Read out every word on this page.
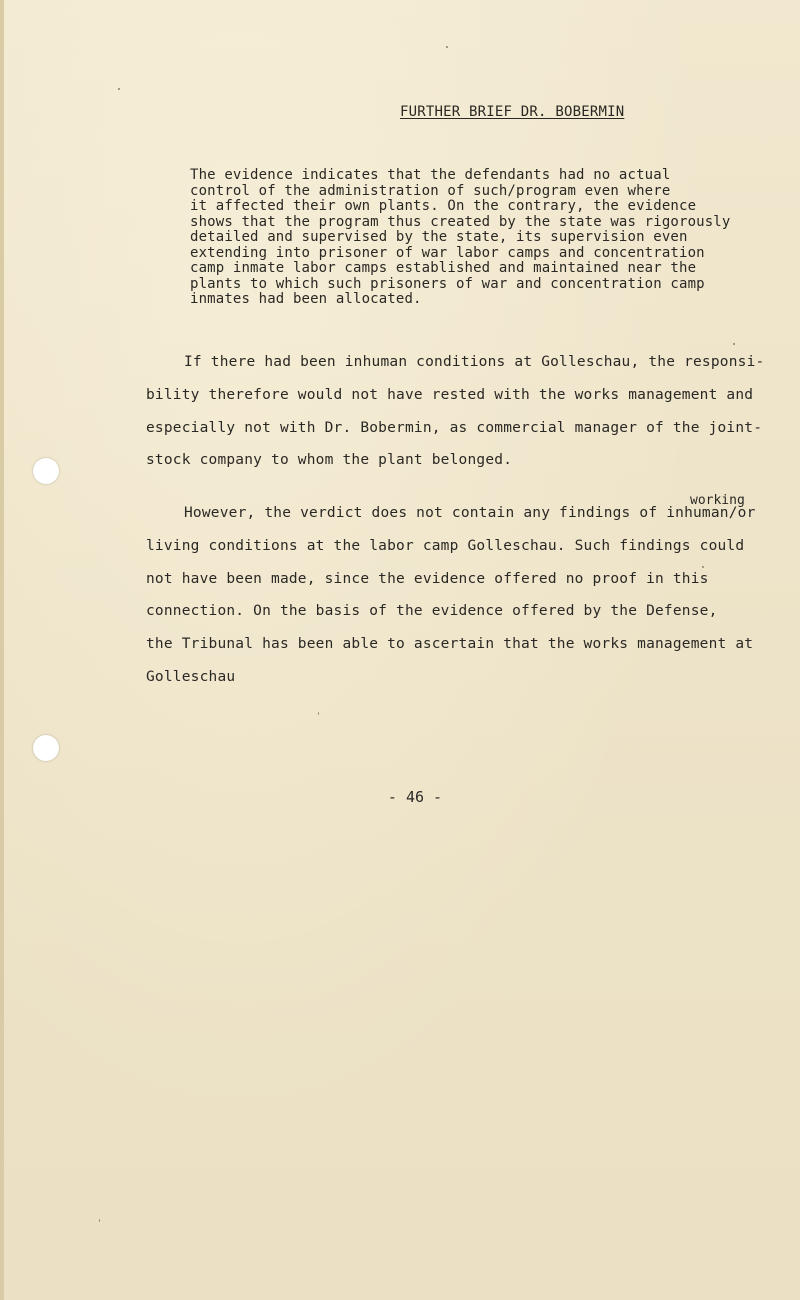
FURTHER BRIEF DR. BOBERMIN
The evidence indicates that the defendants had no actual
control of the administration of such/program even where
it affected their own plants. On the contrary, the evidence
shows that the program thus created by the state was rigorously
detailed and supervised by the state, its supervision even
extending into prisoner of war labor camps and concentration
camp inmate labor camps established and maintained near the
plants to which such prisoners of war and concentration camp
inmates had been allocated.
If there had been inhuman conditions at Golleschau, the responsi-
bility therefore would not have rested with the works management and
especially not with Dr. Bobermin, as commercial manager of the joint-
stock company to whom the plant belonged.
working
However, the verdict does not contain any findings of inhuman/or
living conditions at the labor camp Golleschau. Such findings could
not have been made, since the evidence offered no proof in this
connection. On the basis of the evidence offered by the Defense,
the Tribunal has been able to ascertain that the works management at
Golleschau
- 46 -
